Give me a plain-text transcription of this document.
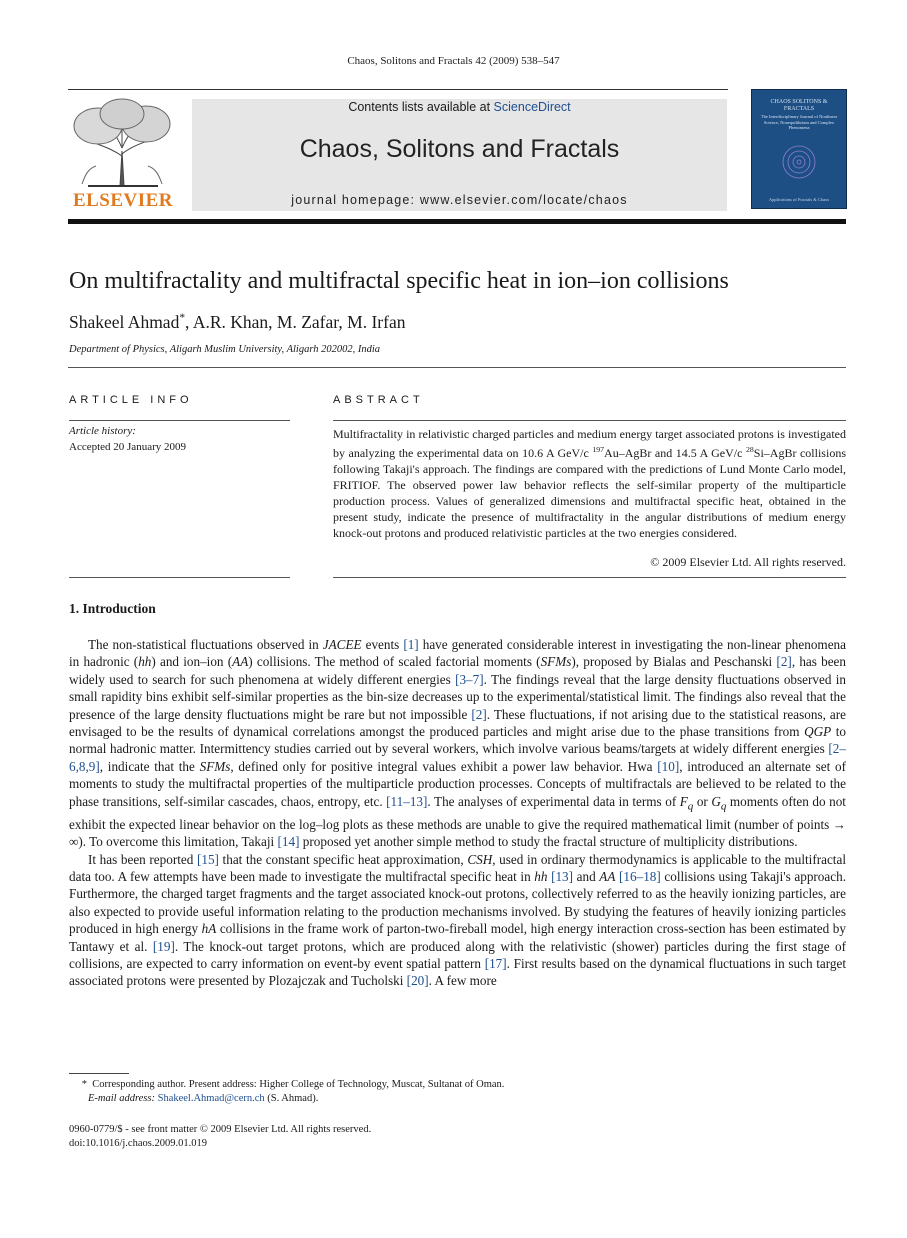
Chaos, Solitons and Fractals 42 (2009) 538–547
ELSEVIER
Contents lists available at ScienceDirect
Chaos, Solitons and Fractals
journal homepage: www.elsevier.com/locate/chaos
CHAOS SOLITONS & FRACTALS
The Interdisciplinary Journal of Nonlinear Science, Nonequilibrium and Complex Phenomena
Applications of Fractals & Chaos
On multifractality and multifractal specific heat in ion–ion collisions
Shakeel Ahmad*, A.R. Khan, M. Zafar, M. Irfan
Department of Physics, Aligarh Muslim University, Aligarh 202002, India
ARTICLE INFO	ABSTRACT
Article history:
Accepted 20 January 2009
Multifractality in relativistic charged particles and medium energy target associated protons is investigated by analyzing the experimental data on 10.6 A GeV/c $^{197}$Au–AgBr and 14.5 A GeV/c $^{28}$Si–AgBr collisions following Takaji's approach. The findings are compared with the predictions of Lund Monte Carlo model, FRITIOF. The observed power law behavior reflects the self-similar property of the multiparticle production process. Values of generalized dimensions and multifractal specific heat, obtained in the present study, indicate the presence of multifractality in the angular distributions of medium energy knock-out protons and produced relativistic particles at the two energies considered.
© 2009 Elsevier Ltd. All rights reserved.
1. Introduction

The non-statistical fluctuations observed in JACEE events [1] have generated considerable interest in investigating the non-linear phenomena in hadronic (hh) and ion–ion (AA) collisions. The method of scaled factorial moments (SFMs), proposed by Bialas and Peschanski [2], has been widely used to search for such phenomena at widely different energies [3–7]. The findings reveal that the large density fluctuations observed in small rapidity bins exhibit self-similar properties as the bin-size decreases up to the experimental/statistical limit. The findings also reveal that the presence of the large density fluctuations might be rare but not impossible [2]. These fluctuations, if not arising due to the statistical reasons, are envisaged to be the results of dynamical correlations amongst the produced particles and might arise due to the phase transitions from QGP to normal hadronic matter. Intermittency studies carried out by several workers, which involve various beams/targets at widely different energies [2–6,8,9], indicate that the SFMs, defined only for positive integral values exhibit a power law behavior. Hwa [10], introduced an alternate set of moments to study the multifractal properties of the multiparticle production processes. Concepts of multifractals are believed to be related to the phase transitions, self-similar cascades, chaos, entropy, etc. [11–13]. The analyses of experimental data in terms of $F_q$ or $G_q$ moments often do not exhibit the expected linear behavior on the log–log plots as these methods are unable to give the required mathematical limit (number of points → ∞). To overcome this limitation, Takaji [14] proposed yet another simple method to study the fractal structure of multiplicity distributions.

It has been reported [15] that the constant specific heat approximation, CSH, used in ordinary thermodynamics is applicable to the multifractal data too. A few attempts have been made to investigate the multifractal specific heat in hh [13] and AA [16–18] collisions using Takaji's approach. Furthermore, the charged target fragments and the target associated knock-out protons, collectively referred to as the heavily ionizing particles, are also expected to provide useful information relating to the production mechanisms involved. By studying the features of heavily ionizing particles produced in high energy hA collisions in the frame work of parton-two-fireball model, high energy interaction cross-section has been estimated by Tantawy et al. [19]. The knock-out target protons, which are produced along with the relativistic (shower) particles during the first stage of collisions, are expected to carry information on event-by event spatial pattern [17]. First results based on the dynamical fluctuations in such target associated protons were presented by Plozajczak and Tucholski [20]. A few more

* Corresponding author. Present address: Higher College of Technology, Muscat, Sultanat of Oman.
E-mail address: Shakeel.Ahmad@cern.ch (S. Ahmad).
0960-0779/$ - see front matter © 2009 Elsevier Ltd. All rights reserved.
doi:10.1016/j.chaos.2009.01.019
